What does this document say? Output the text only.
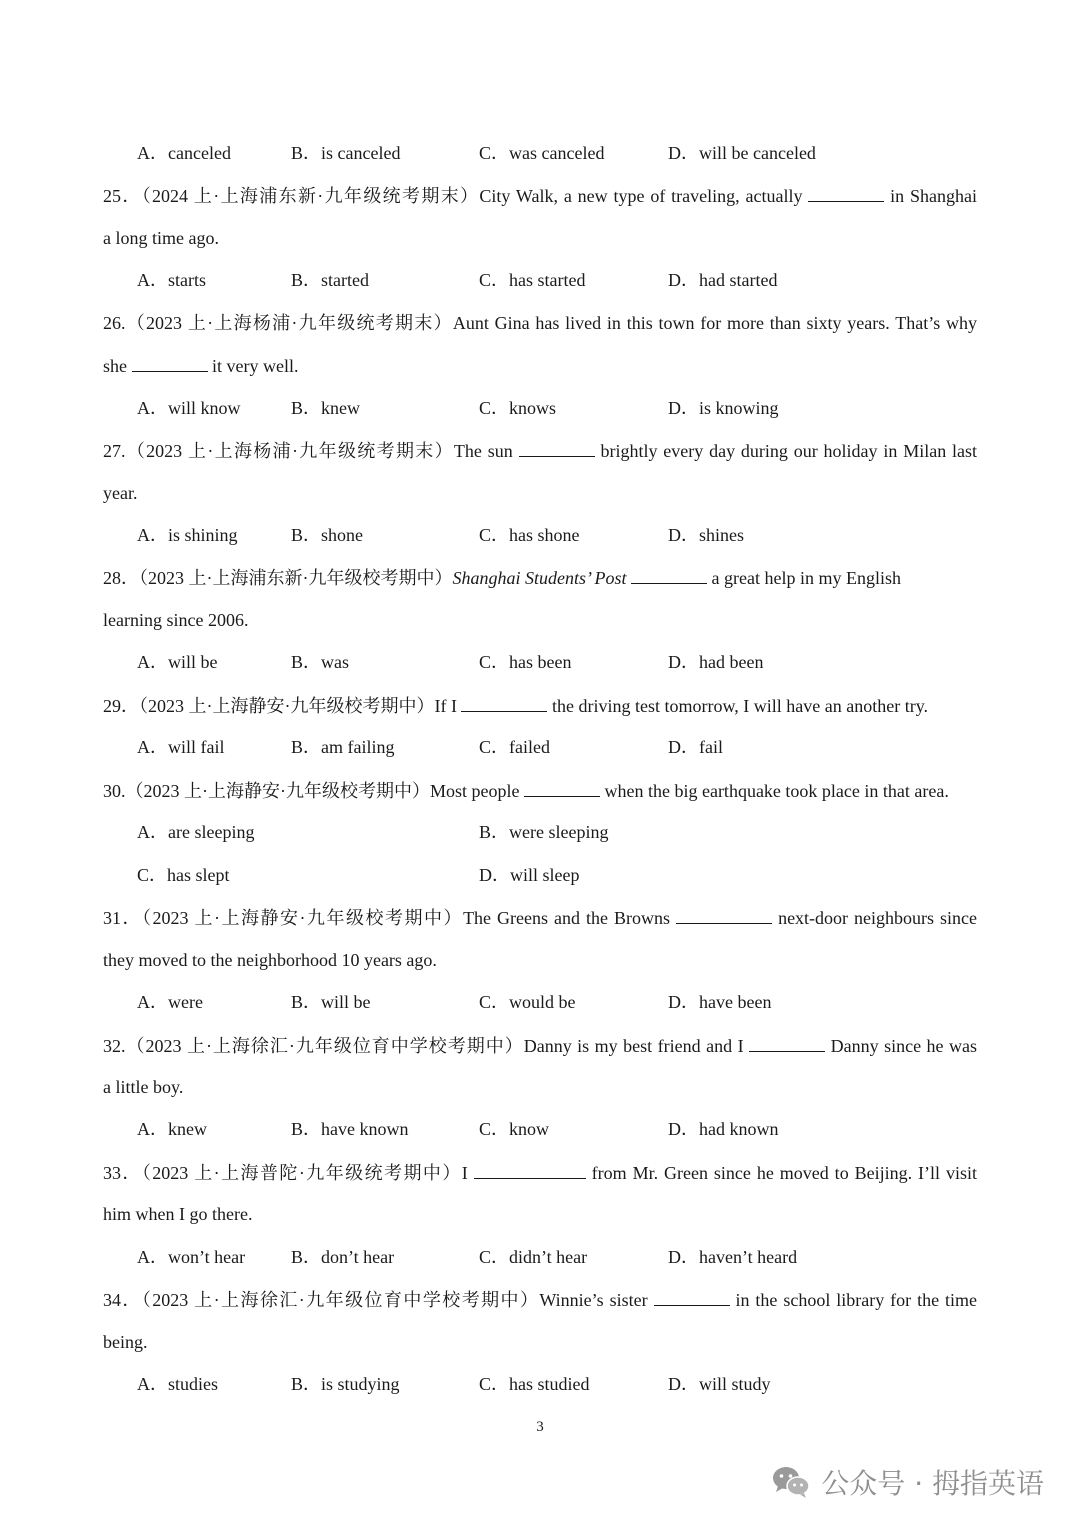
A．canceled	B．is canceled	C．was canceled	D．will be canceled
25．（2024 上·上海浦东新·九年级统考期末）City Walk, a new type of traveling, actually	in Shanghai
a long time ago.
A．starts	B．started	C．has started	D．had started
26.（2023 上·上海杨浦·九年级统考期末）Aunt Gina has lived in this town for more than sixty years. That’s why
she	it very well.
A．will know	B．knew	C．knows	D．is knowing
27.（2023 上·上海杨浦·九年级统考期末）The sun	brightly every day during our holiday in Milan last
year.
A．is shining	B．shone	C．has shone	D．shines
28．（2023 上·上海浦东新·九年级校考期中）Shanghai Students’ Post	a great help in my English
learning since 2006.
A．will be	B．was	C．has been	D．had been
29．（2023 上·上海静安·九年级校考期中）If I	the driving test tomorrow, I will have an another try.
A．will fail	B．am failing	C．failed	D．fail
30.（2023 上·上海静安·九年级校考期中）Most people	when the big earthquake took place in that area.
A．are sleeping	B．were sleeping
C．has slept	D．will sleep
31．（2023 上·上海静安·九年级校考期中）The Greens and the Browns	next-door neighbours since
they moved to the neighborhood 10 years ago.
A．were	B．will be	C．would be	D．have been
32.（2023 上·上海徐汇·九年级位育中学校考期中）Danny is my best friend and I	Danny since he was
a little boy.
A．knew	B．have known	C．know	D．had known
33．（2023 上·上海普陀·九年级统考期中）I	from Mr. Green since he moved to Beijing. I’ll visit
him when I go there.
A．won’t hear	B．don’t hear	C．didn’t hear	D．haven’t heard
34．（2023 上·上海徐汇·九年级位育中学校考期中）Winnie’s sister	in the school library for the time
being.
A．studies	B．is studying	C．has studied	D．will study
3
公众号 · 拇指英语
